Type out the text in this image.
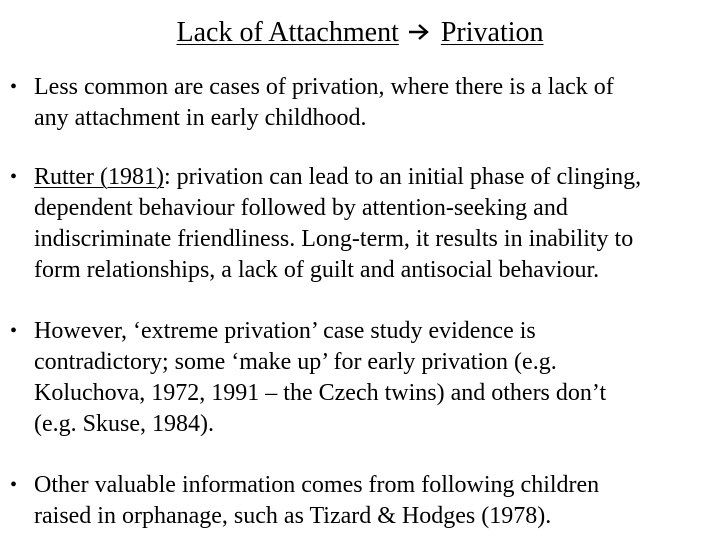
Lack of Attachment Privation
• Less common are cases of privation, where there is a lack of
any attachment in early childhood.
• Rutter (1981): privation can lead to an initial phase of clinging,
dependent behaviour followed by attention-seeking and
indiscriminate friendliness. Long-term, it results in inability to
form relationships, a lack of guilt and antisocial behaviour.
• However, ‘extreme privation’ case study evidence is
contradictory; some ‘make up’ for early privation (e.g.
Koluchova, 1972, 1991 – the Czech twins) and others don’t
(e.g. Skuse, 1984).
• Other valuable information comes from following children
raised in orphanage, such as Tizard & Hodges (1978).
